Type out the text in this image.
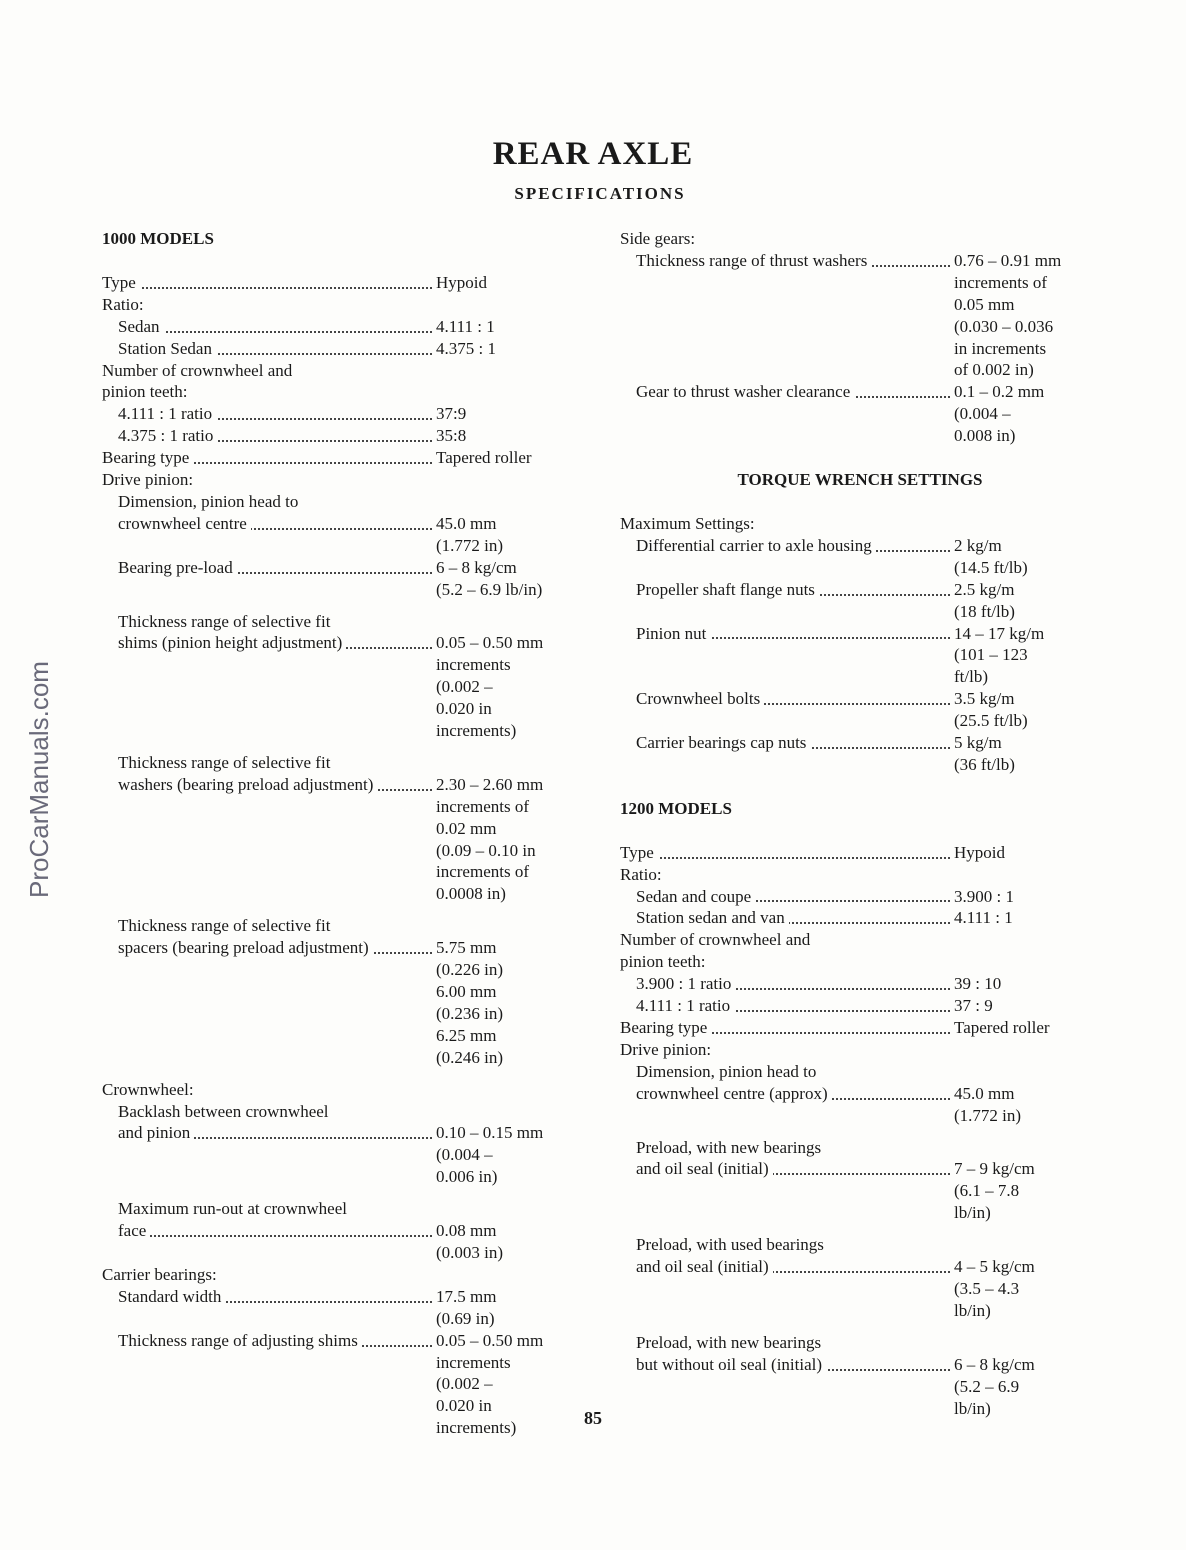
ProCarManuals.com
REAR AXLE
SPECIFICATIONS
1000 MODELS
Type	Hypoid
Ratio:
Sedan	4.111 : 1
Station Sedan	4.375 : 1
Number of crownwheel and
pinion teeth:
4.111 : 1 ratio	37:9
4.375 : 1 ratio	35:8
Bearing type	Tapered roller
Drive pinion:
Dimension, pinion head to
crownwheel centre	45.0 mm
(1.772 in)
Bearing pre-load	6 – 8 kg/cm
(5.2 – 6.9 lb/in)
Thickness range of selective fit
shims (pinion height adjustment)	0.05 – 0.50 mm
increments
(0.002 –
0.020 in
increments)
Thickness range of selective fit
washers (bearing preload adjustment)	2.30 – 2.60 mm
increments of
0.02 mm
(0.09 – 0.10 in
increments of
0.0008 in)
Thickness range of selective fit
spacers (bearing preload adjustment)	5.75 mm
(0.226 in)
6.00 mm
(0.236 in)
6.25 mm
(0.246 in)
Crownwheel:
Backlash between crownwheel
and pinion	0.10 – 0.15 mm
(0.004 –
0.006 in)
Maximum run-out at crownwheel
face	0.08 mm
(0.003 in)
Carrier bearings:
Standard width	17.5 mm
(0.69 in)
Thickness range of adjusting shims	0.05 – 0.50 mm
increments
(0.002 –
0.020 in
increments)
Side gears:
Thickness range of thrust washers	0.76 – 0.91 mm
increments of
0.05 mm
(0.030 – 0.036
in increments
of 0.002 in)
Gear to thrust washer clearance	0.1 – 0.2 mm
(0.004 –
0.008 in)
TORQUE WRENCH SETTINGS
Maximum Settings:
Differential carrier to axle housing	2 kg/m
(14.5 ft/lb)
Propeller shaft flange nuts	2.5 kg/m
(18 ft/lb)
Pinion nut	14 – 17 kg/m
(101 – 123
ft/lb)
Crownwheel bolts	3.5 kg/m
(25.5 ft/lb)
Carrier bearings cap nuts	5 kg/m
(36 ft/lb)
1200 MODELS
Type	Hypoid
Ratio:
Sedan and coupe	3.900 : 1
Station sedan and van	4.111 : 1
Number of crownwheel and
pinion teeth:
3.900 : 1 ratio	39 : 10
4.111 : 1 ratio	37 : 9
Bearing type	Tapered roller
Drive pinion:
Dimension, pinion head to
crownwheel centre (approx)	45.0 mm
(1.772 in)
Preload, with new bearings
and oil seal (initial)	7 – 9 kg/cm
(6.1 – 7.8
lb/in)
Preload, with used bearings
and oil seal (initial)	4 – 5 kg/cm
(3.5 – 4.3
lb/in)
Preload, with new bearings
but without oil seal (initial)	6 – 8 kg/cm
(5.2 – 6.9
lb/in)
85
